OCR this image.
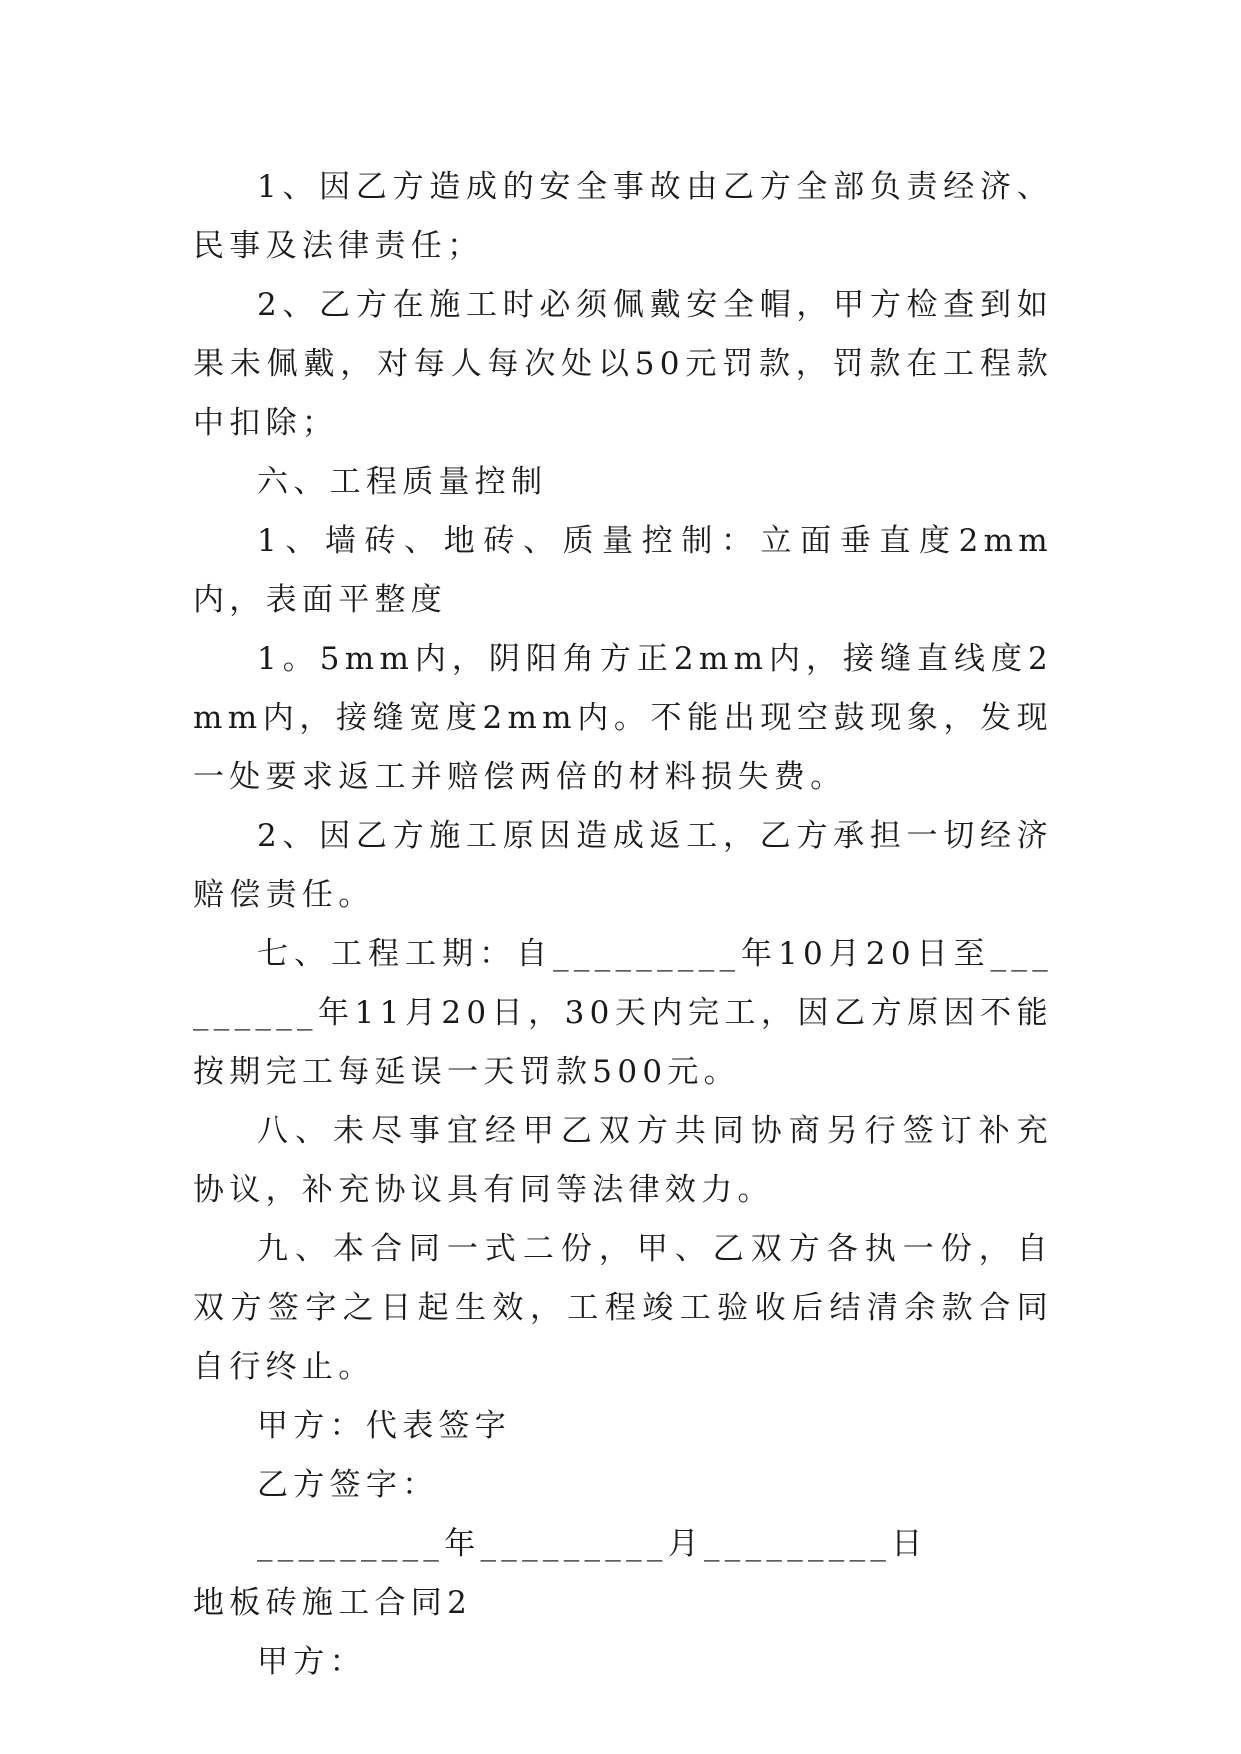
1、因乙方造成的安全事故由乙方全部负责经济、民事及法律责任；

2、乙方在施工时必须佩戴安全帽，甲方检查到如果未佩戴，对每人每次处以50元罚款，罚款在工程款中扣除；

六、工程质量控制

1、墙砖、地砖、质量控制：立面垂直度2mm内，表面平整度

1。5mm内，阴阳角方正2mm内，接缝直线度2mm内，接缝宽度2mm内。不能出现空鼓现象，发现一处要求返工并赔偿两倍的材料损失费。

2、因乙方施工原因造成返工，乙方承担一切经济赔偿责任。

七、工程工期：自_________年10月20日至_________年11月20日，30天内完工，因乙方原因不能按期完工每延误一天罚款500元。

八、未尽事宜经甲乙双方共同协商另行签订补充协议，补充协议具有同等法律效力。

九、本合同一式二份，甲、乙双方各执一份，自双方签字之日起生效，工程竣工验收后结清余款合同自行终止。

甲方：代表签字

乙方签字：

_________年_________月_________日

地板砖施工合同2

甲方：
